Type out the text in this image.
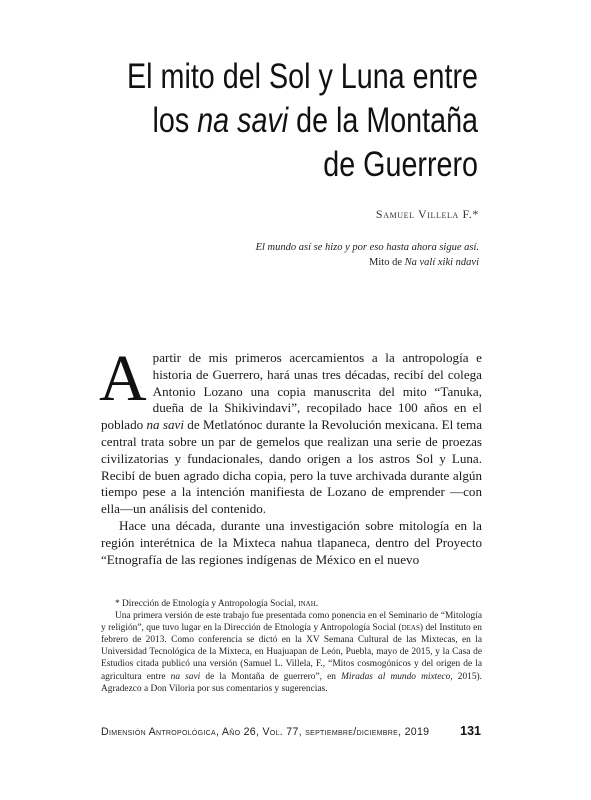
El mito del Sol y Luna entre
los na savi de la Montaña
de Guerrero
Samuel Villela F.*
El mundo así se hizo y por eso hasta ahora sigue así.
Mito de Na valí xiki ndavi

Apartir de mis primeros acercamientos a la antropología e historia de Guerrero, hará unas tres décadas, recibí del colega Antonio Lozano una copia manuscrita del mito “Tanuka, dueña de la Shikivindavi”, recopilado hace 100 años en el poblado na savi de Metlatónoc durante la Revolución mexicana. El tema central trata sobre un par de gemelos que realizan una serie de proezas civilizatorias y fundacionales, dando origen a los astros Sol y Luna. Recibí de buen agrado dicha copia, pero la tuve archivada durante algún tiempo pese a la intención manifiesta de Lozano de emprender —con ella—un análisis del contenido.

Hace una década, durante una investigación sobre mitología en la región interétnica de la Mixteca nahua tlapaneca, dentro del Proyecto “Etnografía de las regiones indígenas de México en el nuevo

* Dirección de Etnología y Antropología Social, inah.

Una primera versión de este trabajo fue presentada como ponencia en el Seminario de “Mitología y religión”, que tuvo lugar en la Dirección de Etnología y Antropología Social (deas) del Instituto en febrero de 2013. Como conferencia se dictó en la XV Semana Cultural de las Mixtecas, en la Universidad Tecnológica de la Mixteca, en Huajuapan de León, Puebla, mayo de 2015, y la Casa de Estudios citada publicó una versión (Samuel L. Villela, F., “Mitos cosmogónicos y del origen de la agricultura entre na savi de la Montaña de guerrero”, en Miradas al mundo mixteco, 2015). Agradezco a Don Viloria por sus comentarios y sugerencias.

Dimensión Antropológica, Año 26, Vol. 77, septiembre/diciembre, 2019 131
